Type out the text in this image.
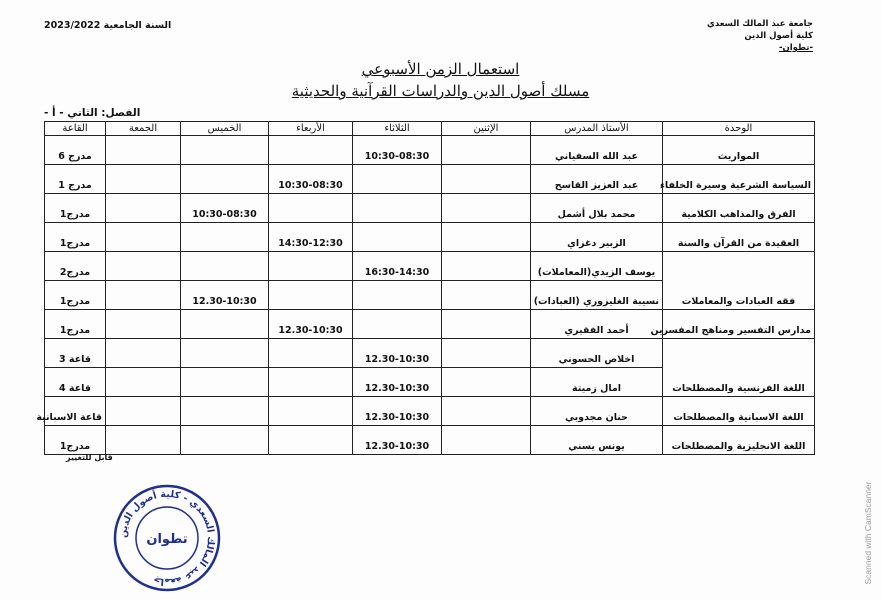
جامعة عبد المالك السعدي
كلية أصول الدين
-تطوان-
السنة الجامعية 2023/2022
استعمال الزمن الأسبوعي
مسلك أصول الدين والدراسات القرآنية والحديثية
الفصل: الثاني - أ -
الوحدة	الأستاذ المدرس	الإثنين	الثلاثاء	الأربعاء	الخميس	الجمعة	القاعة
المواريث	عبد الله السفياني		10:30-08:30				مدرج 6
السياسة الشرعية وسيرة الخلفاء	عبد العزيز القاسح			10:30-08:30			مدرج 1
الفرق والمذاهب الكلامية	محمد بلال أشمل				10:30-08:30		مدرج1
العقيدة من القرآن والسنة	الزبير دغزاي			14:30-12:30			مدرج1
فقه العبادات والمعاملات	يوسف الزيدي(المعاملات)		16:30-14:30				مدرج2
	نسيبة الغليزوري (العبادات)				12.30-10:30		مدرج1
مدارس التفسير ومناهج المفسرين	أحمد الفقيري			12.30-10:30			مدرج1
اللغة الفرنسية والمصطلحات	اخلاص الحسوني		12.30-10:30				قاعة 3
	امال زميتة		12.30-10:30				قاعة 4
اللغة الاسبانية والمصطلحات	حنان مجدوبي		12.30-10:30				قاعة الاسبانية
اللغة الانجليزية والمصطلحات	يونس يسني		12.30-10:30				مدرج1
قابل للتغيير
جامعة عبد المالك السعدي - كلية أصول الدين
تطوان	Scanned with CamScanner
